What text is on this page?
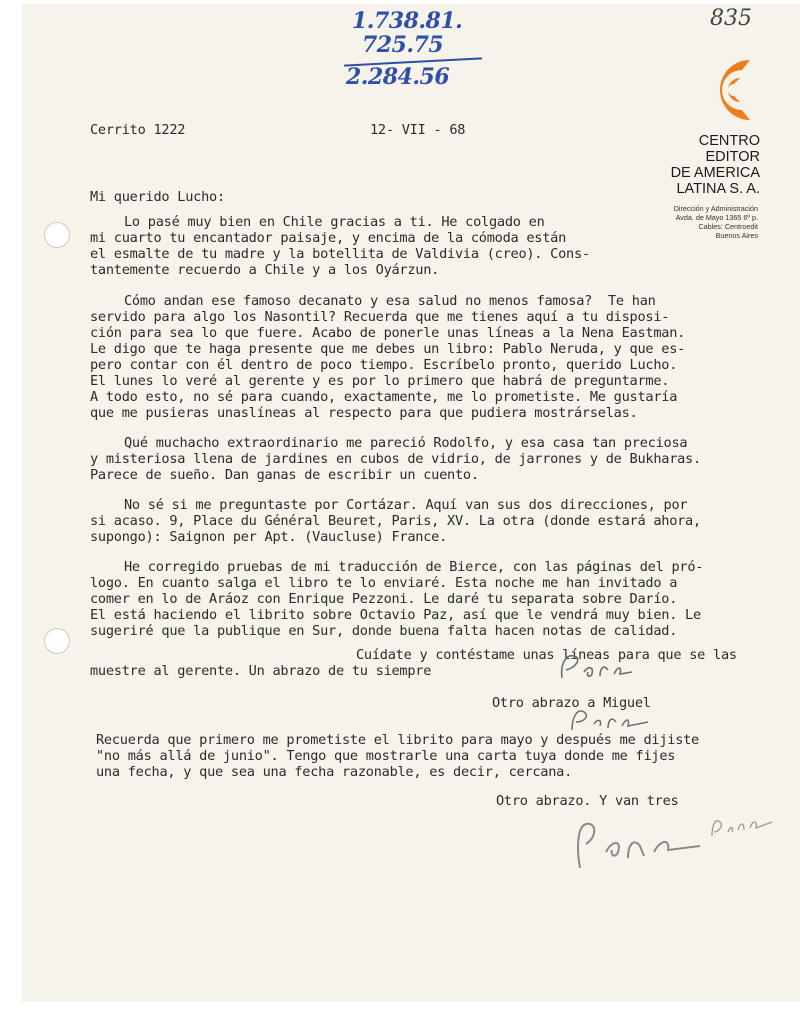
1.738.81.

725.75

2.284.56

835

CENTRO
EDITOR
DE AMERICA
LATINA S. A.

Dirección y Administración
Avda. de Mayo 1365 6º p.
Cables: Centroedit
Buenos Aires

Cerrito 1222	12- VII - 68

Mi querido Lucho:

Lo pasé muy bien en Chile gracias a ti. He colgado en

mi cuarto tu encantador paisaje, y encima de la cómoda están

el esmalte de tu madre y la botellita de Valdivia (creo). Cons-

tantemente recuerdo a Chile y a los Oyárzun.

Cómo andan ese famoso decanato y esa salud no menos famosa?  Te han

servido para algo los Nasontil? Recuerda que me tienes aquí a tu disposi-

ción para sea lo que fuere. Acabo de ponerle unas líneas a la Nena Eastman.

Le digo que te haga presente que me debes un libro: Pablo Neruda, y que es-

pero contar con él dentro de poco tiempo. Escríbelo pronto, querido Lucho.

El lunes lo veré al gerente y es por lo primero que habrá de preguntarme.

A todo esto, no sé para cuando, exactamente, me lo prometiste. Me gustaría

que me pusieras unaslíneas al respecto para que pudiera mostrárselas.

Qué muchacho extraordinario me pareció Rodolfo, y esa casa tan preciosa

y misteriosa llena de jardines en cubos de vidrio, de jarrones y de Bukharas.

Parece de sueño. Dan ganas de escribir un cuento.

No sé si me preguntaste por Cortázar. Aquí van sus dos direcciones, por

si acaso. 9, Place du Général Beuret, Paris, XV. La otra (donde estará ahora,

supongo): Saignon per Apt. (Vaucluse) France.

He corregido pruebas de mi traducción de Bierce, con las páginas del pró-

logo. En cuanto salga el libro te lo enviaré. Esta noche me han invitado a

comer en lo de Aráoz con Enrique Pezzoni. Le daré tu separata sobre Darío.

El está haciendo el librito sobre Octavio Paz, así que le vendrá muy bien. Le

sugeriré que la publique en Sur, donde buena falta hacen notas de calidad.

Cuídate y contéstame unas líneas para que se las

muestre al gerente. Un abrazo de tu siempre

Otro abrazo a Miguel

Recuerda que primero me prometiste el librito para mayo y después me dijiste

"no más allá de junio". Tengo que mostrarle una carta tuya donde me fijes

una fecha, y que sea una fecha razonable, es decir, cercana.

Otro abrazo. Y van tres
